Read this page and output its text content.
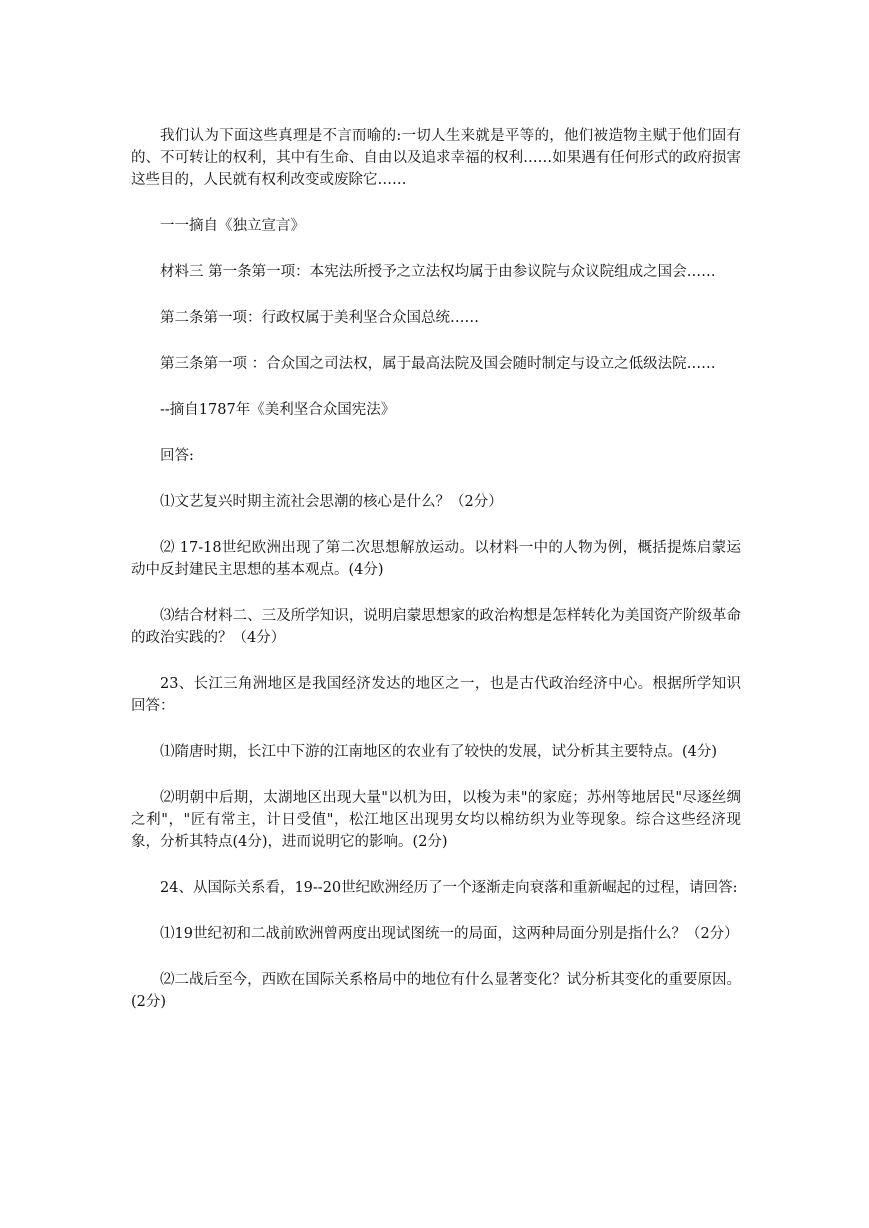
我们认为下面这些真理是不言而喻的:一切人生来就是平等的，他们被造物主赋于他们固有的、不可转让的权利，其中有生命、自由以及追求幸福的权利……如果遇有任何形式的政府损害这些目的，人民就有权利改变或废除它……

一一摘自《独立宣言》

材料三 第一条第一项：本宪法所授予之立法权均属于由参议院与众议院组成之国会……

第二条第一项：行政权属于美利坚合众国总统……

第三条第一项 ：合众国之司法权，属于最高法院及国会随时制定与设立之低级法院……

--摘自1787年《美利坚合众国宪法》

回答:

⑴文艺复兴时期主流社会思潮的核心是什么？（2分）

⑵ 17-18世纪欧洲出现了第二次思想解放运动。以材料一中的人物为例，概括提炼启蒙运动中反封建民主思想的基本观点。(4分)

⑶结合材料二、三及所学知识，说明启蒙思想家的政治构想是怎样转化为美国资产阶级革命的政治实践的？（4分）

23、长江三角洲地区是我国经济发达的地区之一，也是古代政治经济中心。根据所学知识回答：

⑴隋唐时期，长江中下游的江南地区的农业有了较快的发展，试分析其主要特点。(4分)

⑵明朝中后期，太湖地区出现大量"以机为田，以梭为耒"的家庭；苏州等地居民"尽逐丝绸之利"，"匠有常主，计日受值"，松江地区出现男女均以棉纺织为业等现象。综合这些经济现象，分析其特点(4分)，进而说明它的影响。(2分)

24、从国际关系看，19--20世纪欧洲经历了一个逐渐走向衰落和重新崛起的过程，请回答:

⑴19世纪初和二战前欧洲曾两度出现试图统一的局面，这两种局面分别是指什么？（2分）

⑵二战后至今，西欧在国际关系格局中的地位有什么显著变化？试分析其变化的重要原因。(2分)
